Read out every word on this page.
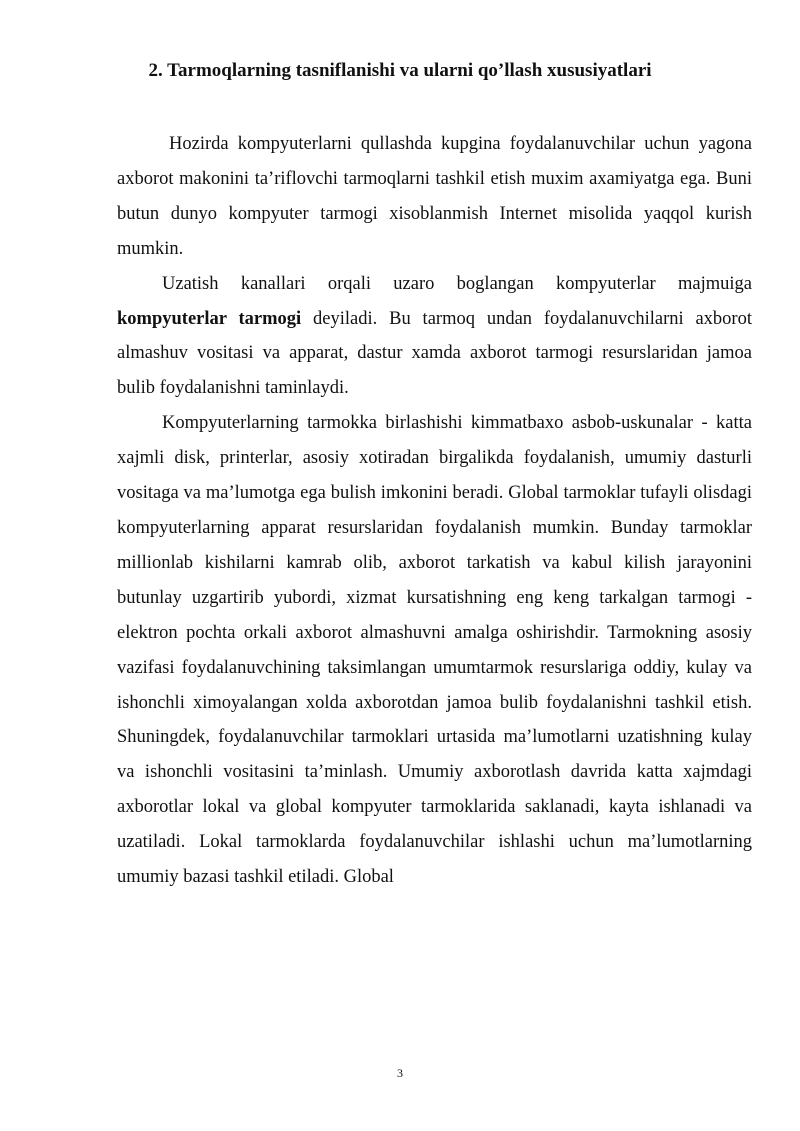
2. Tarmoqlarning tasniflanishi va ularni qo’llash xususiyatlari

Hozirda kompyuterlarni qullashda kupgina foydalanuvchilar uchun yagona axborot makonini ta’riflovchi tarmoqlarni tashkil etish muxim axamiyatga ega. Buni butun dunyo kompyuter tarmogi xisoblanmish Internet misolida yaqqol kurish mumkin.

Uzatish kanallari orqali uzaro boglangan kompyuterlar majmuiga kompyuterlar tarmogi deyiladi. Bu tarmoq undan foydalanuvchilarni axborot almashuv vositasi va apparat, dastur xamda axborot tarmogi resurslaridan jamoa bulib foydalanishni taminlaydi.

Kompyuterlarning tarmokka birlashishi kimmatbaxo asbob-uskunalar - katta xajmli disk, printerlar, asosiy xotiradan birgalikda foydalanish, umumiy dasturli vositaga va ma’lumotga ega bulish imkonini beradi. Global tarmoklar tufayli olisdagi kompyuterlarning apparat resurslaridan foydalanish mumkin. Bunday tarmoklar millionlab kishilarni kamrab olib, axborot tarkatish va kabul kilish jarayonini butunlay uzgartirib yubordi, xizmat kursatishning eng keng tarkalgan tarmogi - elektron pochta orkali axborot almashuvni amalga oshirishdir. Tarmokning asosiy vazifasi foydalanuvchining taksimlangan umumtarmok resurslariga oddiy, kulay va ishonchli ximoyalangan xolda axborotdan jamoa bulib foydalanishni tashkil etish. Shuningdek, foydalanuvchilar tarmoklari urtasida ma’lumotlarni uzatishning kulay va ishonchli vositasini ta’minlash. Umumiy axborotlash davrida katta xajmdagi axborotlar lokal va global kompyuter tarmoklarida saklanadi, kayta ishlanadi va uzatiladi. Lokal tarmoklarda foydalanuvchilar ishlashi uchun ma’lumotlarning umumiy bazasi tashkil etiladi. Global

3
